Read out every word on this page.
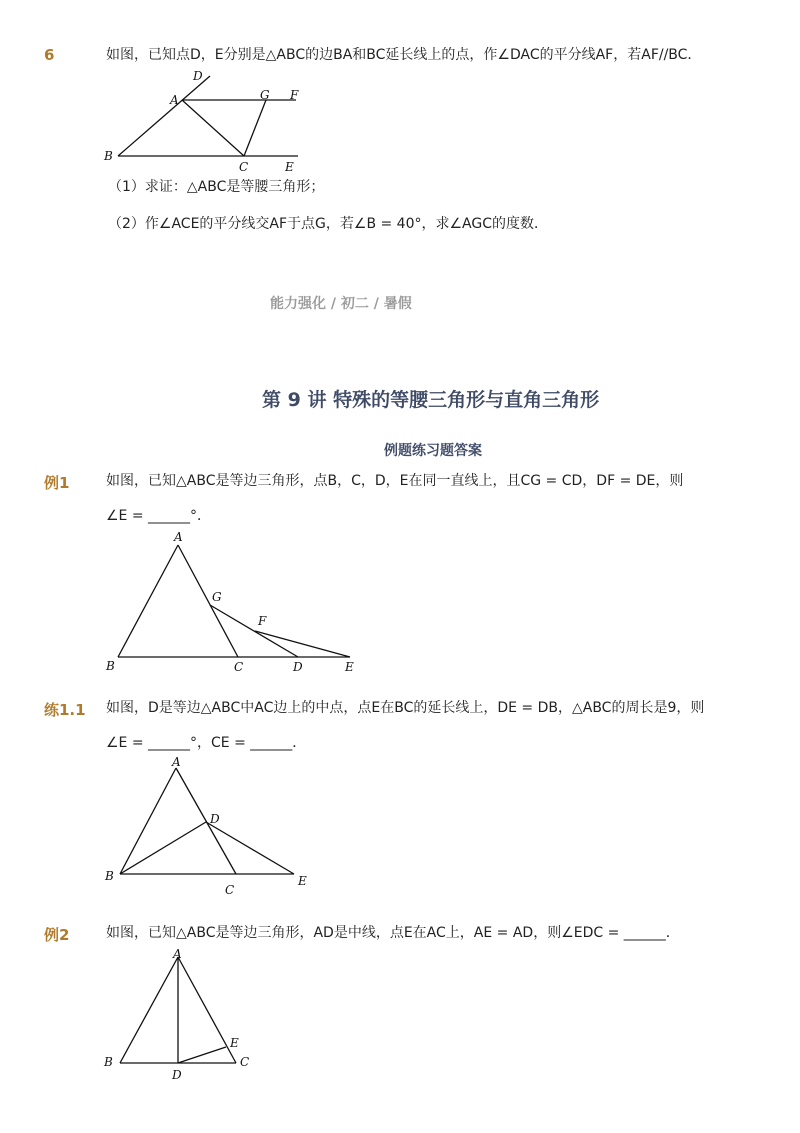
6	如图，已知点D，E分别是△ABC的边BA和BC延长线上的点，作∠DAC的平分线AF，若AF//BC．
D
A	G F
B
C	E
（1）求证：△ABC是等腰三角形；
（2）作∠ACE的平分线交AF于点G，若∠B = 40°，求∠AGC的度数．
能力强化 / 初二 / 暑假
第 9 讲 特殊的等腰三角形与直角三角形
例题练习题答案
例1	如图，已知△ABC是等边三角形，点B，C，D，E在同一直线上，且CG = CD，DF = DE，则
∠E = ______°．
A
G
F
B	C	D	E
练1.1 如图，D是等边△ABC中AC边上的中点，点E在BC的延长线上，DE = DB，△ABC的周长是9，则
∠E = ______°，CE = ______．
A
D
B
C
E
例2	如图，已知△ABC是等边三角形，AD是中线，点E在AC上，AE = AD，则∠EDC = ______．
A
E
B
D
C
